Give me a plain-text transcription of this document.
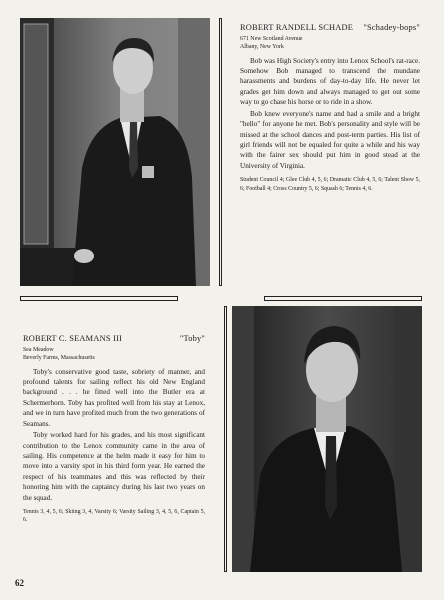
ROBERT RANDELL SCHADE "Schadey-bops"
671 New Scotland Avenue
Albany, New York

Bob was High Society's entry into Lenox School's rat-race. Somehow Bob managed to transcend the mundane harassments and burdens of day-to-day life. He never let grades get him down and always managed to get out some way to go chase his horse or to ride in a show.

Bob knew everyone's name and had a smile and a bright "hello" for anyone he met. Bob's personality and style will be missed at the school dances and post-term parties. His list of girl friends will not be equaled for quite a while and his way with the fairer sex should put him in good stead at the University of Virginia.

Student Council 4; Glee Club 4, 5, 6; Dramatic Club 4, 5, 6; Talent Show 5, 6; Football 4; Cross Country 5, 6; Squash 6; Tennis 4, 6.
ROBERT C. SEAMANS III	"Toby"
Sea Meadow
Beverly Farms, Massachusetts

Toby's conservative good taste, sobriety of manner, and profound talents for sailing reflect his old New England background . . . he fitted well into the Butler era at Schermerhorn. Toby has profited well from his stay at Lenox, and we in turn have profited much from the two generations of Seamans.

Toby worked hard for his grades, and his most significant contribution to the Lenox community came in the area of sailing. His competence at the helm made it easy for him to move into a varsity spot in his third form year. He earned the respect of his teammates and this was reflected by their honoring him with the captaincy during his last two years on the squad.

Tennis 3, 4, 5, 6; Skiing 3, 4, Varsity 6; Varsity Sailing 3, 4, 5, 6, Captain 5, 6.
62
